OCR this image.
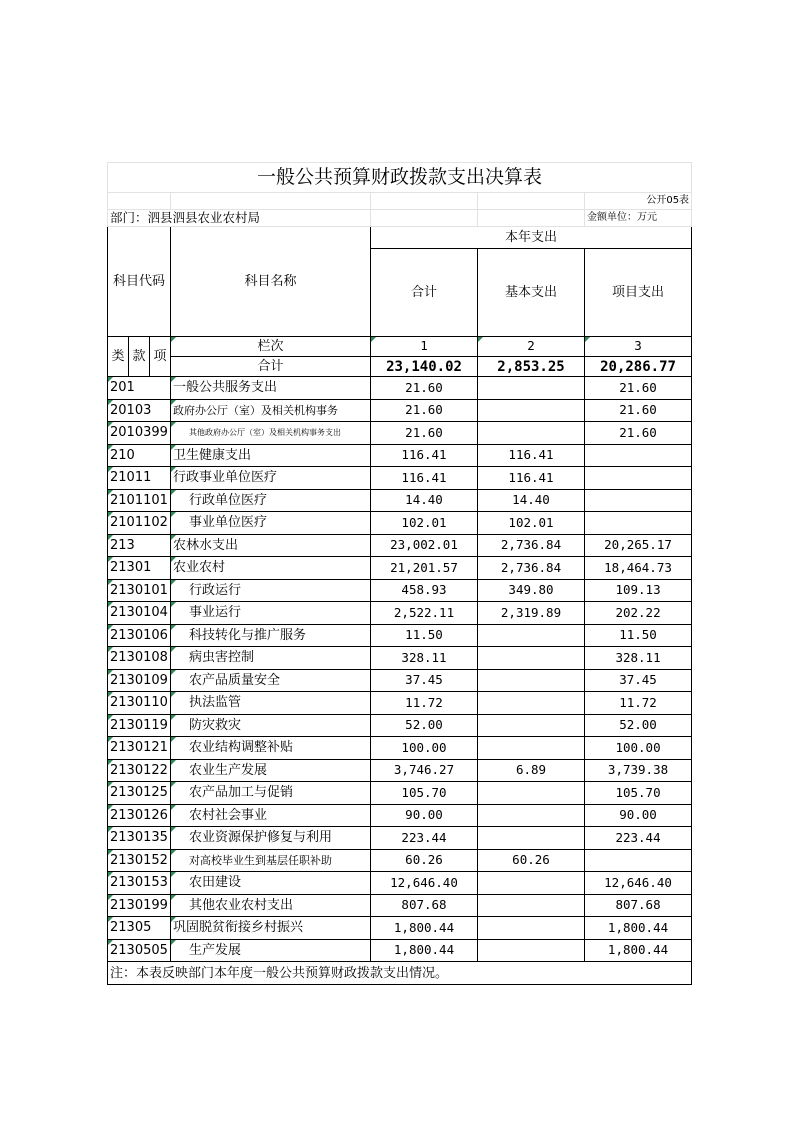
一般公共预算财政拨款支出决算表						
						公开05表
部门：泗县泗县农业农村局						金额单位：万元
科目代码			科目名称	本年支出		
				合计	基本支出	项目支出

类	款	项	栏次	1	2	3
			合计	23,140.02	2,853.25	20,286.77
201			一般公共服务支出	21.60		21.60
20103			政府办公厅（室）及相关机构事务	21.60		21.60
2010399			其他政府办公厅（室）及相关机构事务支出	21.60		21.60
210			卫生健康支出	116.41	116.41	
21011			行政事业单位医疗	116.41	116.41	
2101101			行政单位医疗	14.40	14.40	
2101102			事业单位医疗	102.01	102.01	
213			农林水支出	23,002.01	2,736.84	20,265.17
21301			农业农村	21,201.57	2,736.84	18,464.73
2130101			行政运行	458.93	349.80	109.13
2130104			事业运行	2,522.11	2,319.89	202.22
2130106			科技转化与推广服务	11.50		11.50
2130108			病虫害控制	328.11		328.11
2130109			农产品质量安全	37.45		37.45
2130110			执法监管	11.72		11.72
2130119			防灾救灾	52.00		52.00
2130121			农业结构调整补贴	100.00		100.00
2130122			农业生产发展	3,746.27	6.89	3,739.38
2130125			农产品加工与促销	105.70		105.70
2130126			农村社会事业	90.00		90.00
2130135			农业资源保护修复与利用	223.44		223.44
2130152			对高校毕业生到基层任职补助	60.26	60.26	
2130153			农田建设	12,646.40		12,646.40
2130199			其他农业农村支出	807.68		807.68
21305			巩固脱贫衔接乡村振兴	1,800.44		1,800.44
2130505			生产发展	1,800.44		1,800.44
注：本表反映部门本年度一般公共预算财政拨款支出情况。						
